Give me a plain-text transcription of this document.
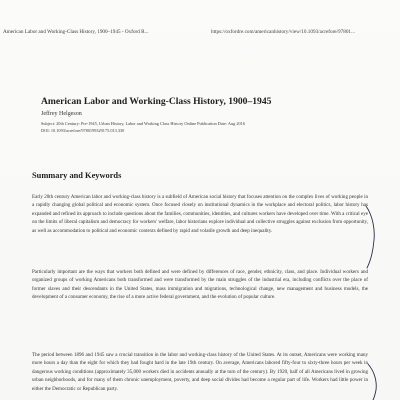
American Labor and Working-Class History, 1900–1945 - Oxford R...	https://oxfordre.com/americanhistory/view/10.1093/acrefore/97801...
American Labor and Working-Class History, 1900–1945
Jeffrey Helgeson
Subject: 20th Century: Pre-1945, Urban History, Labor and Working Class History Online Publication Date: Aug 2016
DOI: 10.1093/acrefore/9780199329175.013.330
Summary and Keywords

Early 20th century American labor and working-class history is a subfield of American social history that focuses attention on the complex lives of working people in a rapidly changing global political and economic system. Once focused closely on institutional dynamics in the workplace and electoral politics, labor history has expanded and refined its approach to include questions about the families, communities, identities, and cultures workers have developed over time. With a critical eye on the limits of liberal capitalism and democracy for workers' welfare, labor historians explore individual and collective struggles against exclusion from opportunity, as well as accommodation to political and economic contexts defined by rapid and volatile growth and deep inequality.

Particularly important are the ways that workers both defined and were defined by differences of race, gender, ethnicity, class, and place. Individual workers and organized groups of working Americans both transformed and were transformed by the main struggles of the industrial era, including conflicts over the place of former slaves and their descendants in the United States, mass immigration and migrations, technological change, new management and business models, the development of a consumer economy, the rise of a more active federal government, and the evolution of popular culture.

The period between 1896 and 1945 saw a crucial transition in the labor and working-class history of the United States. At its outset, Americans were working many more hours a day than the eight for which they had fought hard in the late 19th century. On average, Americans labored fifty-four to sixty-three hours per week in dangerous working conditions (approximately 35,000 workers died in accidents annually at the turn of the century). By 1920, half of all Americans lived in growing urban neighborhoods, and for many of them chronic unemployment, poverty, and deep social divides had become a regular part of life. Workers had little power in either the Democratic or Republican party.
